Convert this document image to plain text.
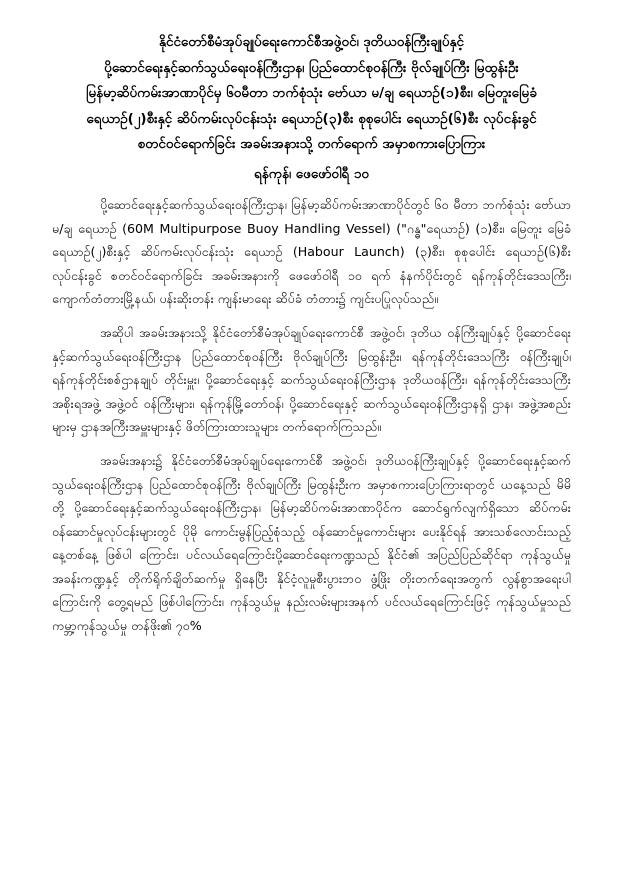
နိုင်ငံတော်စီမံအုပ်ချုပ်ရေးကောင်စီအဖွဲ့ဝင်၊ ဒုတိယဝန်ကြီးချုပ်နှင့်

ပို့ဆောင်ရေးနှင့်ဆက်သွယ်ရေးဝန်ကြီးဌာန၊ ပြည်ထောင်စုဝန်ကြီး ဗိုလ်ချုပ်ကြီး မြထွန်းဦး

မြန်မာ့ဆိပ်ကမ်းအာဏာပိုင်မှ ၆၀မီတာ ဘက်စုံသုံး ဗော်ယာ မ/ချ ရေယာဉ်(၁)စီး၊ မြေတူးမြေခံ

ရေယာဉ်(၂)စီးနှင့် ဆိပ်ကမ်းလုပ်ငန်းသုံး ရေယာဉ်(၃)စီး စုစုပေါင်း ရေယာဉ်(၆)စီး လုပ်ငန်းခွင်

စတင်ဝင်ရောက်ခြင်း အခမ်းအနားသို့ တက်ရောက် အမှာစကားပြောကြား

ရန်ကုန်၊ ဖေဖော်ဝါရီ ၁၀

ပို့ဆောင်ရေးနှင့်ဆက်သွယ်ရေးဝန်ကြီးဌာန၊ မြန်မာ့ဆိပ်ကမ်းအာဏာပိုင်တွင် ၆၀ မီတာ ဘက်စုံသုံး ဗော်ယာ မ/ချ ရေယာဉ် (60M Multipurpose Buoy Handling Vessel) ("ဂန္ဓ"ရေယာဉ်) (၁)စီး၊ မြေတူး မြေခံ ရေယာဉ်(၂)စီးနှင့် ဆိပ်ကမ်းလုပ်ငန်းသုံး ရေယာဉ် (Habour Launch) (၃)စီး၊ စုစုပေါင်း ရေယာဉ်(၆)စီး လုပ်ငန်းခွင် စတင်ဝင်ရောက်ခြင်း အခမ်းအနားကို ဖေဖော်ဝါရီ ၁၀ ရက် နံနက်ပိုင်းတွင် ရန်ကုန်တိုင်းဒေသကြီး၊ ကျောက်တံတားမြို့နယ်၊ ပန်းဆိုးတန်း ကျန်းမာရေး ဆိပ်ခံ တံတား၌ ကျင်းပပြုလုပ်သည်။

အဆိုပါ အခမ်းအနားသို့ နိုင်ငံတော်စီမံအုပ်ချုပ်ရေးကောင်စီ အဖွဲ့ဝင်၊ ဒုတိယ ဝန်ကြီးချုပ်နှင့် ပို့ဆောင်ရေးနှင့်ဆက်သွယ်ရေးဝန်ကြီးဌာန ပြည်ထောင်စုဝန်ကြီး ဗိုလ်ချုပ်ကြီး မြထွန်းဦး၊ ရန်ကုန်တိုင်းဒေသကြီး ဝန်ကြီးချုပ်၊ ရန်ကုန်တိုင်းစစ်ဌာနချုပ် တိုင်းမှူး၊ ပို့ဆောင်ရေးနှင့် ဆက်သွယ်ရေးဝန်ကြီးဌာန ဒုတိယဝန်ကြီး၊ ရန်ကုန်တိုင်းဒေသကြီးအစိုးရအဖွဲ့ အဖွဲ့ဝင် ဝန်ကြီးများ၊ ရန်ကုန်မြို့တော်ဝန်၊ ပို့ဆောင်ရေးနှင့် ဆက်သွယ်ရေးဝန်ကြီးဌာနရှိ ဌာန၊ အဖွဲ့အစည်းများမှ ဌာနအကြီးအမှူးများနှင့် ဖိတ်ကြားထားသူများ တက်ရောက်ကြသည်။

အခမ်းအနား၌ နိုင်ငံတော်စီမံအုပ်ချုပ်ရေးကောင်စီ အဖွဲ့ဝင်၊ ဒုတိယဝန်ကြီးချုပ်နှင့် ပို့ဆောင်ရေးနှင့်ဆက်သွယ်ရေးဝန်ကြီးဌာန ပြည်ထောင်စုဝန်ကြီး ဗိုလ်ချုပ်ကြီး မြထွန်းဦးက အမှာစကားပြောကြားရာတွင် ယနေ့သည် မိမိတို့ ပို့ဆောင်ရေးနှင့်ဆက်သွယ်ရေးဝန်ကြီးဌာန၊ မြန်မာ့ဆိပ်ကမ်းအာဏာပိုင်က ဆောင်ရွက်လျက်ရှိသော ဆိပ်ကမ်းဝန်ဆောင်မှုလုပ်ငန်းများတွင် ပိုမို ကောင်းမွန်ပြည့်စုံသည့် ဝန်ဆောင်မှုကောင်းများ ပေးနိုင်ရန် အားသစ်လောင်းသည့် နေ့တစ်နေ့ ဖြစ်ပါ ကြောင်း၊ ပင်လယ်ရေကြောင်းပို့ဆောင်ရေးကဏ္ဍသည် နိုင်ငံ၏ အပြည်ပြည်ဆိုင်ရာ ကုန်သွယ်မှု အခန်းကဏ္ဍနှင့် တိုက်ရိုက်ချိတ်ဆက်မှု ရှိနေပြီး နိုင်ငံ့လူမှုစီးပွားဘဝ ဖွံ့ဖြိုး တိုးတက်ရေးအတွက် လွန်စွာအရေးပါကြောင်းကို တွေ့ရမည် ဖြစ်ပါကြောင်း၊ ကုန်သွယ်မှု နည်းလမ်းများအနက် ပင်လယ်ရေကြောင်းဖြင့် ကုန်သွယ်မှုသည် ကမ္ဘာ့ကုန်သွယ်မှု တန်ဖိုး၏ ၇၀%
